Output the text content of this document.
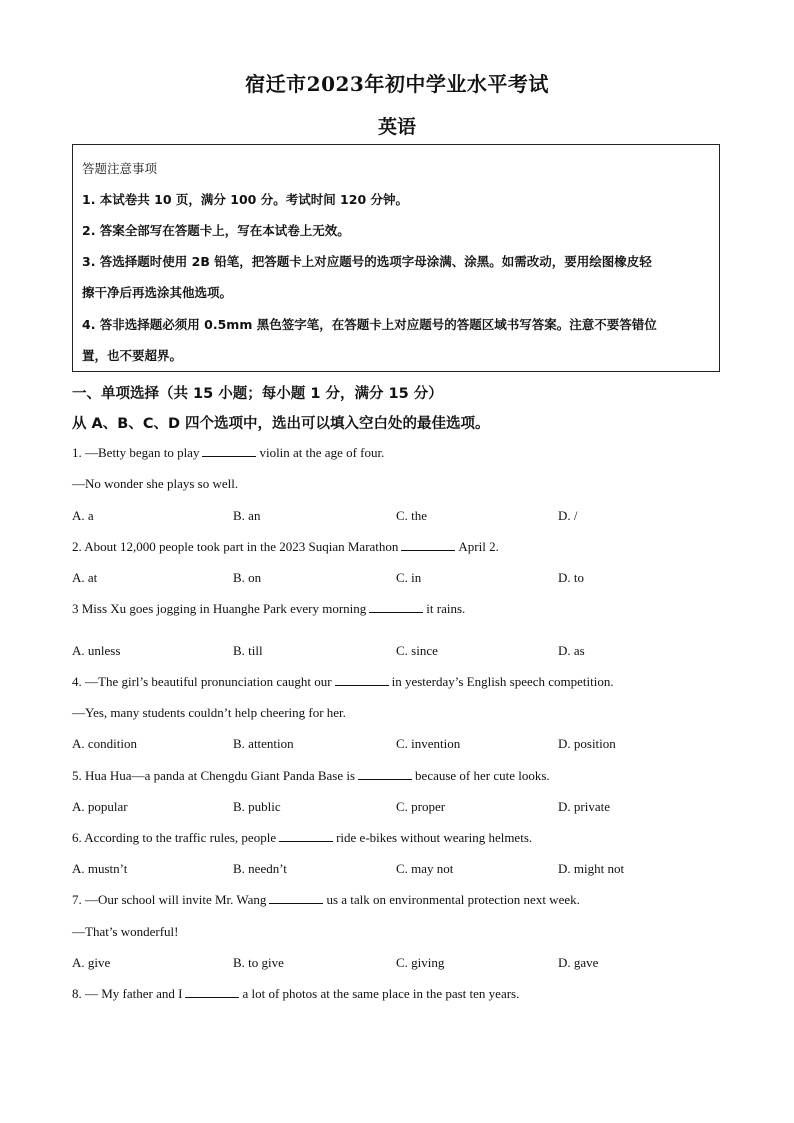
宿迁市2023年初中学业水平考试
英语
答题注意事项
1. 本试卷共 10 页，满分 100 分。考试时间 120 分钟。
2. 答案全部写在答题卡上，写在本试卷上无效。
3. 答选择题时使用 2B 铅笔，把答题卡上对应题号的选项字母涂满、涂黑。如需改动，要用绘图橡皮轻
擦干净后再选涂其他选项。
4. 答非选择题必须用 0.5mm 黑色签字笔，在答题卡上对应题号的答题区域书写答案。注意不要答错位
置，也不要超界。
一、单项选择（共 15 小题；每小题 1 分，满分 15 分）
从 A、B、C、D 四个选项中，选出可以填入空白处的最佳选项。
1. —Betty began to play	violin at the age of four.
—No wonder she plays so well.
A. a	B. an	C. the	D. /
2. About 12,000 people took part in the 2023 Suqian Marathon	April 2.
A. at	B. on	C. in	D. to
3 Miss Xu goes jogging in Huanghe Park every morning	it rains.
A. unless	B. till	C. since	D. as
4. —The girl’s beautiful pronunciation caught our	in yesterday’s English speech competition.
—Yes, many students couldn’t help cheering for her.
A. condition	B. attention	C. invention	D. position
5. Hua Hua—a panda at Chengdu Giant Panda Base is	because of her cute looks.
A. popular	B. public	C. proper	D. private
6. According to the traffic rules, people	ride e-bikes without wearing helmets.
A. mustn’t	B. needn’t	C. may not	D. might not
7. —Our school will invite Mr. Wang	us a talk on environmental protection next week.
—That’s wonderful!
A. give	B. to give	C. giving	D. gave
8. — My father and I	a lot of photos at the same place in the past ten years.
